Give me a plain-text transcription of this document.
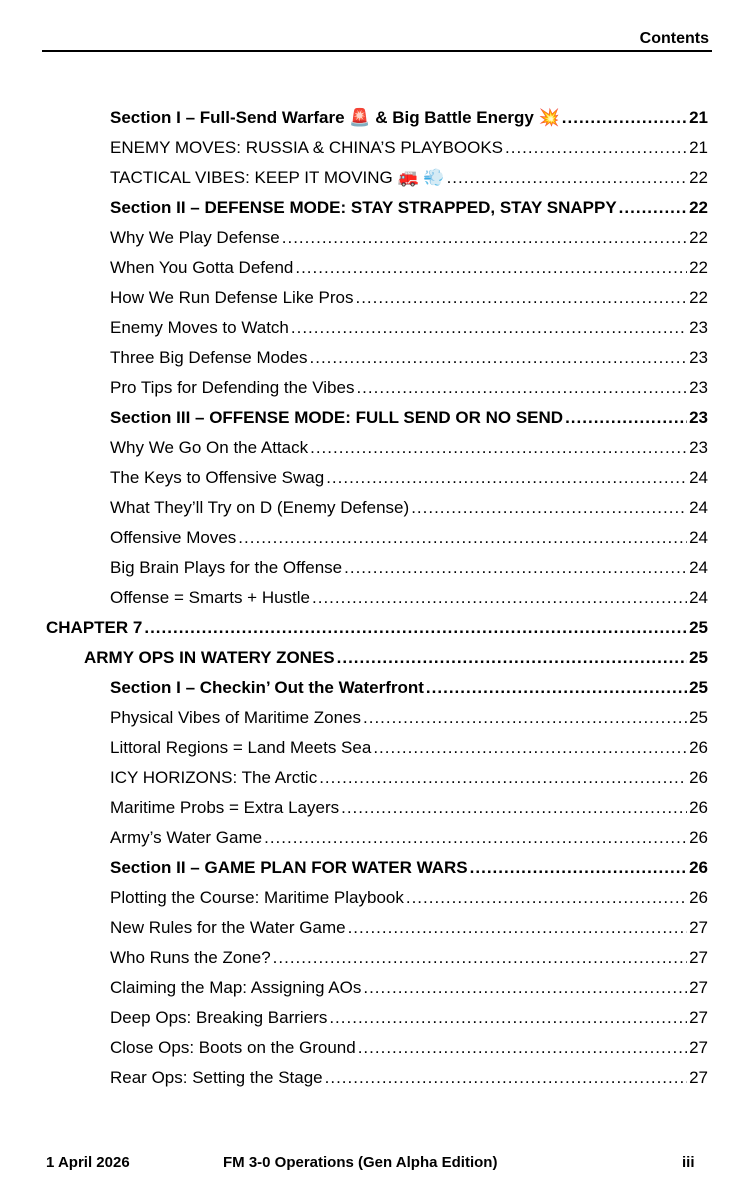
Contents
Section I – Full-Send Warfare 🚨 & Big Battle Energy 💥 .....	21
ENEMY MOVES: RUSSIA & CHINA’S PLAYBOOKS .....	21
TACTICAL VIBES: KEEP IT MOVING 🚒 💨 .....	22
Section II – DEFENSE MODE: STAY STRAPPED, STAY SNAPPY .....	22
Why We Play Defense .....	22
When You Gotta Defend .....	22
How We Run Defense Like Pros .....	22
Enemy Moves to Watch .....	23
Three Big Defense Modes .....	23
Pro Tips for Defending the Vibes .....	23
Section III – OFFENSE MODE: FULL SEND OR NO SEND .....	23
Why We Go On the Attack .....	23
The Keys to Offensive Swag .....	24
What They’ll Try on D (Enemy Defense) .....	24
Offensive Moves .....	24
Big Brain Plays for the Offense .....	24
Offense = Smarts + Hustle .....	24
CHAPTER 7 .....	25
ARMY OPS IN WATERY ZONES .....	25
Section I – Checkin’ Out the Waterfront .....	25
Physical Vibes of Maritime Zones .....	25
Littoral Regions = Land Meets Sea .....	26
ICY HORIZONS: The Arctic .....	26
Maritime Probs = Extra Layers .....	26
Army’s Water Game .....	26
Section II – GAME PLAN FOR WATER WARS .....	26
Plotting the Course: Maritime Playbook .....	26
New Rules for the Water Game .....	27
Who Runs the Zone? .....	27
Claiming the Map: Assigning AOs .....	27
Deep Ops: Breaking Barriers .....	27
Close Ops: Boots on the Ground .....	27
Rear Ops: Setting the Stage .....	27
1 April 2026	FM 3-0 Operations (Gen Alpha Edition)	iii
